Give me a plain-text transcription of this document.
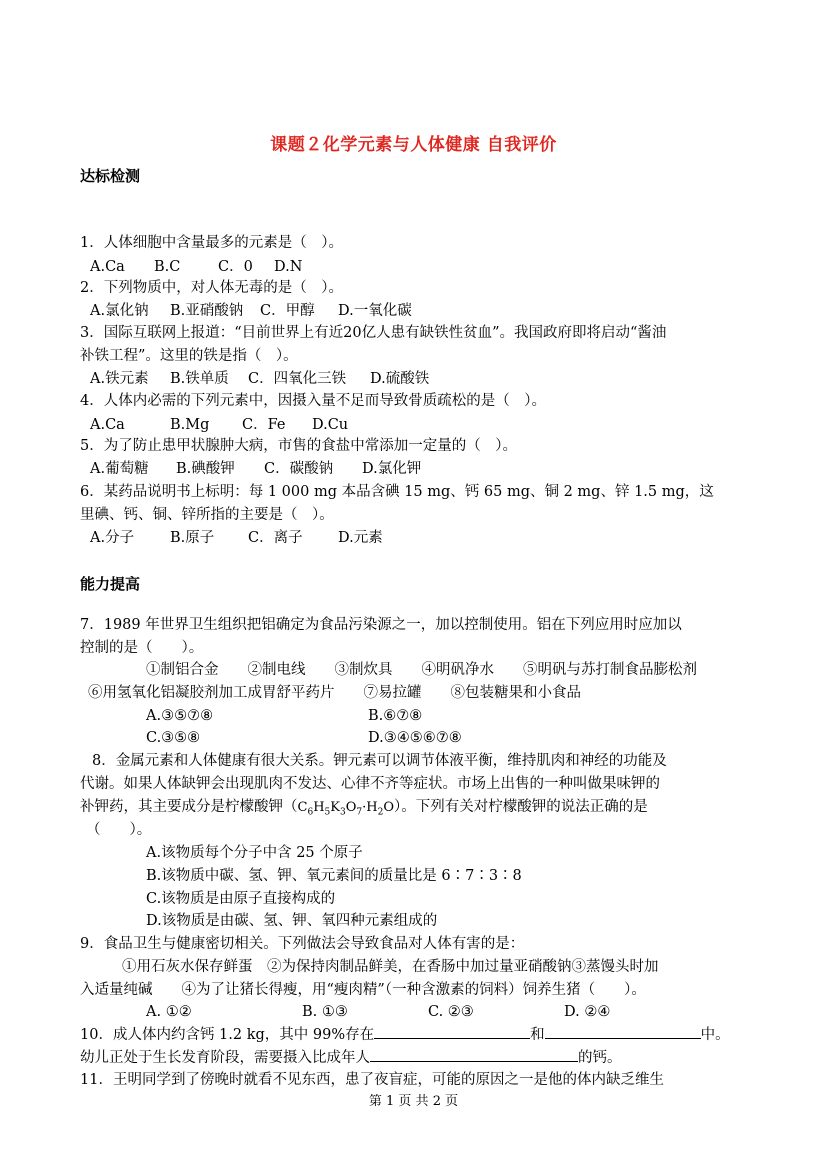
课题２化学元素与人体健康 自我评价
达标检测
1．人体细胞中含量最多的元素是（　）。
A.Ca B.C	C．0 D.N
2．下列物质中，对人体无毒的是（　）。
A.氯化钠 B.亚硝酸钠 C．甲醇 D.一氧化碳
3．国际互联网上报道：“目前世界上有近20亿人患有缺铁性贫血”。我国政府即将启动“酱油
补铁工程”。这里的铁是指（　）。
A.铁元素 B.铁单质 C．四氧化三铁 D.硫酸铁
4．人体内必需的下列元素中，因摄入量不足而导致骨质疏松的是（　）。
A.Ca	B.Mg C．Fe D.Cu
5．为了防止患甲状腺肿大病，市售的食盐中常添加一定量的（　）。
A.葡萄糖 B.碘酸钾 C．碳酸钠 D.氯化钾
6．某药品说明书上标明：每 1 000 mg 本品含碘 15 mg、钙 65 mg、铜 2 mg、锌 1.5 mg，这
里碘、钙、铜、锌所指的主要是（　）。
A.分子 B.原子 C．离子 D.元素
能力提高
7．1989 年世界卫生组织把铝确定为食品污染源之一，加以控制使用。铝在下列应用时应加以
控制的是（　　）。
①制铝合金　　②制电线　　③制炊具　　④明矾净水　　⑤明矾与苏打制食品膨松剂
⑥用氢氧化铝凝胶剂加工成胃舒平药片　　⑦易拉罐　　⑧包装糖果和小食品
A.③⑤⑦⑧	B.⑥⑦⑧
C.③⑤⑧	D.③④⑤⑥⑦⑧
8．金属元素和人体健康有很大关系。钾元素可以调节体液平衡，维持肌肉和神经的功能及
代谢。如果人体缺钾会出现肌肉不发达、心律不齐等症状。市场上出售的一种叫做果味钾的
补钾药，其主要成分是柠檬酸钾$(C_6H_5K_3O_7\cdot H_2O)$。下列有关对柠檬酸钾的说法正确的是
（　　）。
A.该物质每个分子中含 25 个原子
B.该物质中碳、氢、钾、氧元素间的质量比是 6∶7∶3∶8
C.该物质是由原子直接构成的
D.该物质是由碳、氢、钾、氧四种元素组成的
9．食品卫生与健康密切相关。下列做法会导致食品对人体有害的是：
①用石灰水保存鲜蛋　②为保持肉制品鲜美，在香肠中加过量亚硝酸钠③蒸馒头时加
入适量纯碱　　④为了让猪长得瘦，用“瘦肉精”（一种含激素的饲料）饲养生猪（　　）。
A. ①②	B. ①③	C. ②③	D. ②④
10．成人体内约含钙 1.2 kg，其中 99%存在	和	中。
幼儿正处于生长发育阶段，需要摄入比成年人	的钙。
11．王明同学到了傍晚时就看不见东西，患了夜盲症，可能的原因之一是他的体内缺乏维生
第 1 页 共 2 页
